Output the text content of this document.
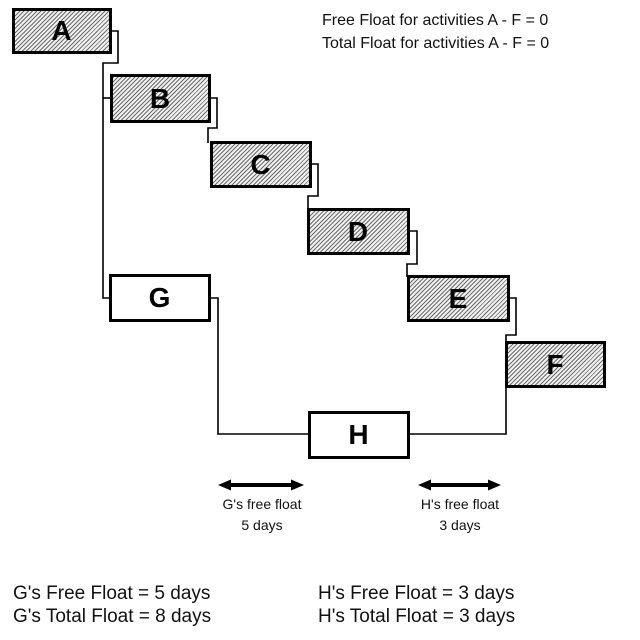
Free Float for activities A - F = 0
Total Float for activities A - F = 0
G's Free Float = 5 days
G's Total Float = 8 days
H's Free Float = 3 days
H's Total Float = 3 days
G's free float
5 days
H's free float
3 days
A
B
C
D
E
F
G
H
